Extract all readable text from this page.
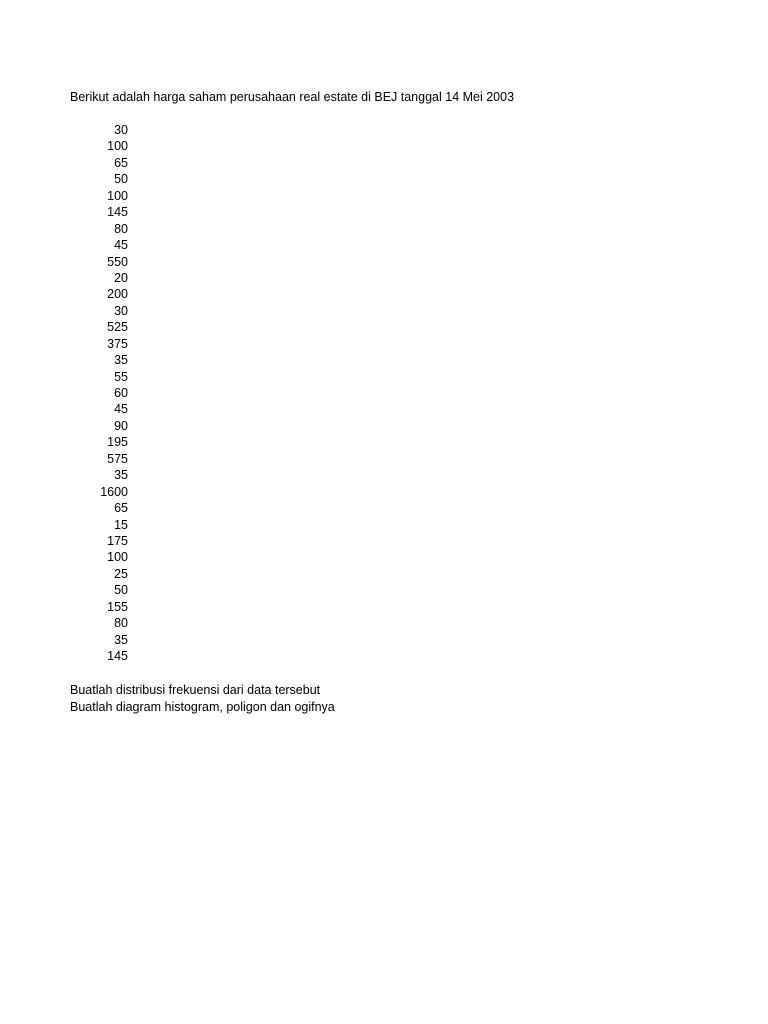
Berikut adalah harga saham perusahaan real estate di BEJ tanggal 14 Mei 2003
30
100
65
50
100
145
80
45
550
20
200
30
525
375
35
55
60
45
90
195
575
35
1600
65
15
175
100
25
50
155
80
35
145
Buatlah distribusi frekuensi dari data tersebut
Buatlah diagram histogram, poligon dan ogifnya
